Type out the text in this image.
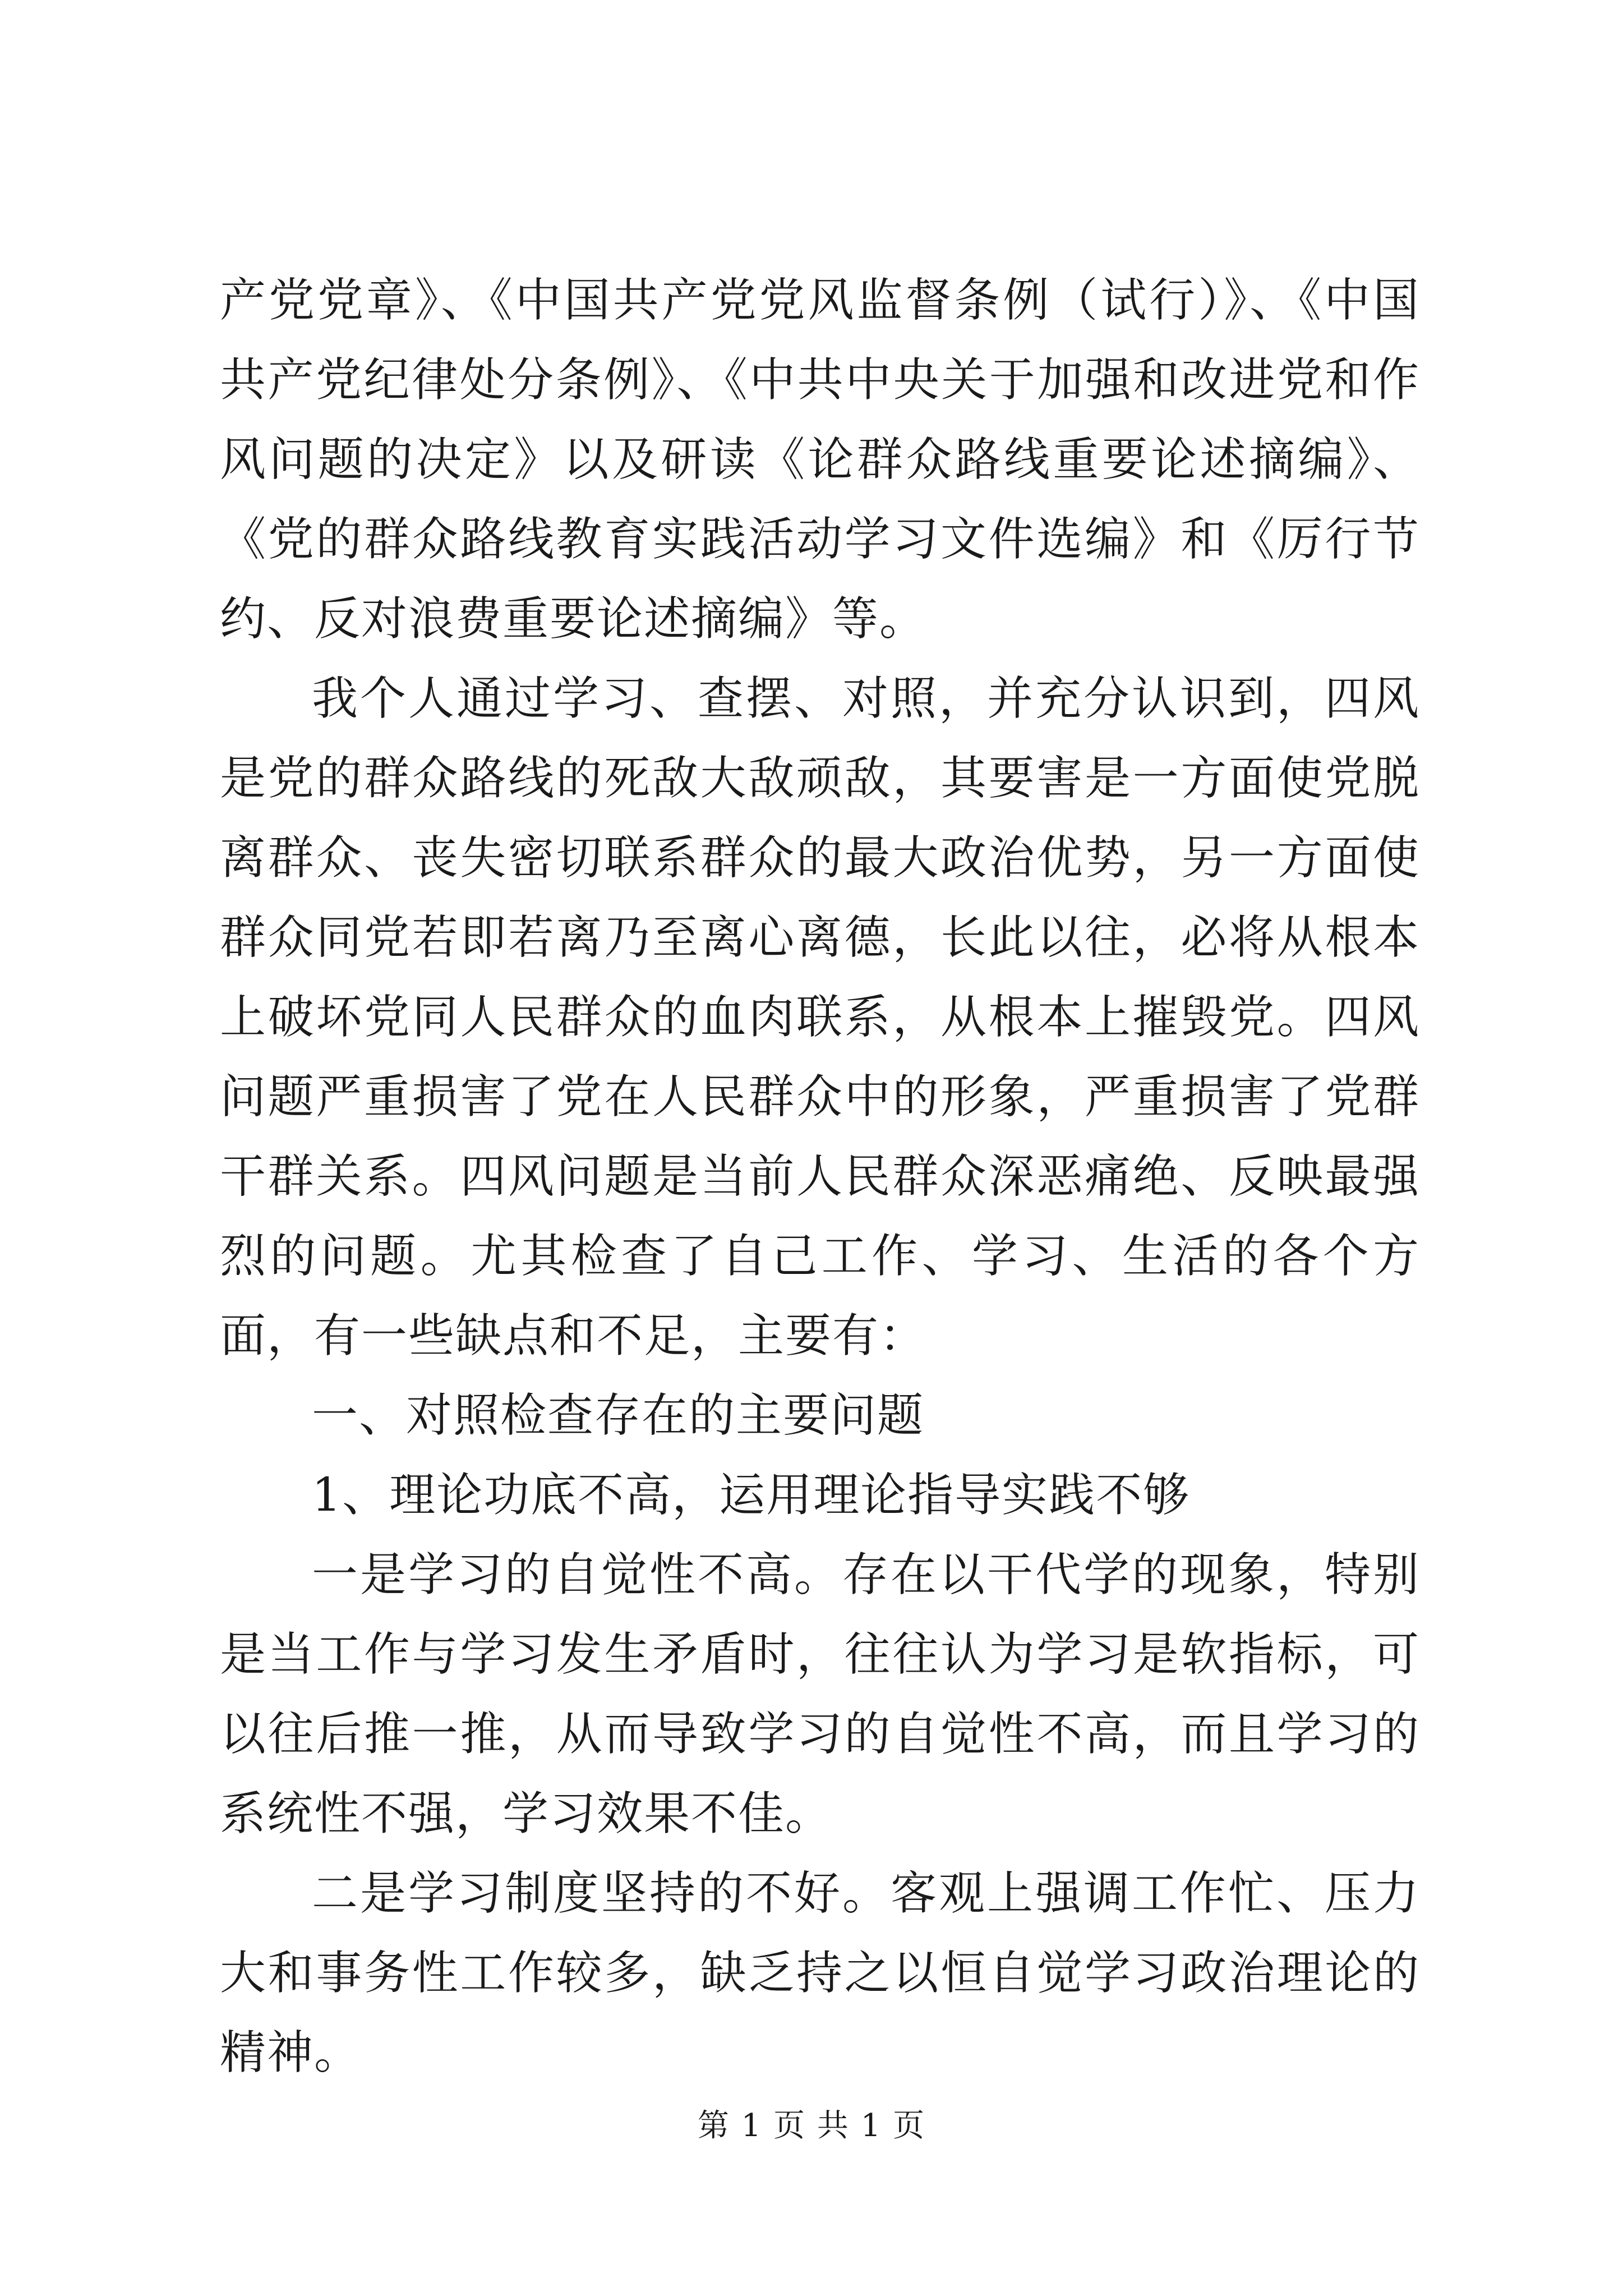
产党党章》、《中国共产党党风监督条例（试行）》、《中国共产党纪律处分条例》、《中共中央关于加强和改进党和作风问题的决定》以及研读《论群众路线重要论述摘编》、《党的群众路线教育实践活动学习文件选编》和《厉行节约、反对浪费重要论述摘编》等。

我个人通过学习、查摆、对照，并充分认识到，四风是党的群众路线的死敌大敌顽敌，其要害是一方面使党脱离群众、丧失密切联系群众的最大政治优势，另一方面使群众同党若即若离乃至离心离德，长此以往，必将从根本上破坏党同人民群众的血肉联系，从根本上摧毁党。四风问题严重损害了党在人民群众中的形象，严重损害了党群干群关系。四风问题是当前人民群众深恶痛绝、反映最强烈的问题。尤其检查了自己工作、学习、生活的各个方面，有一些缺点和不足，主要有：

一、对照检查存在的主要问题

1、理论功底不高，运用理论指导实践不够

一是学习的自觉性不高。存在以干代学的现象，特别是当工作与学习发生矛盾时，往往认为学习是软指标，可以往后推一推，从而导致学习的自觉性不高，而且学习的系统性不强，学习效果不佳。

二是学习制度坚持的不好。客观上强调工作忙、压力大和事务性工作较多，缺乏持之以恒自觉学习政治理论的精神。

第 1 页 共 1 页
